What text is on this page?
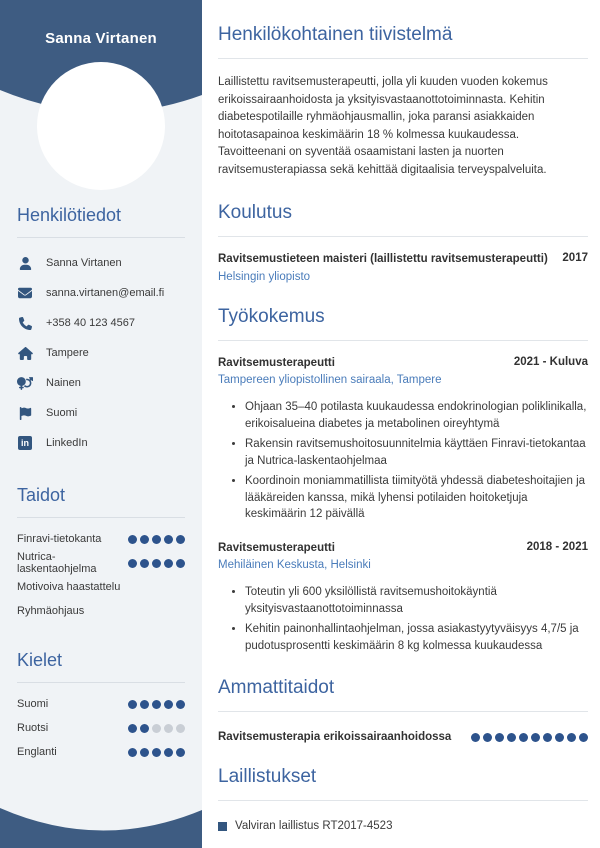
Sanna Virtanen
Henkilötiedot
Sanna Virtanen
sanna.virtanen@email.fi
+358 40 123 4567
Tampere
Nainen
Suomi
in LinkedIn
Taidot
Finravi-tietokanta
Nutrica-laskentaohjelma
Motivoiva haastattelu
Ryhmäohjaus
Kielet
Suomi
Ruotsi
Englanti
Henkilökohtainen tiivistelmä

Laillistettu ravitsemusterapeutti, jolla yli kuuden vuoden kokemus erikoissairaanhoidosta ja yksityisvastaanottotoiminnasta. Kehitin diabetespotilaille ryhmäohjausmallin, joka paransi asiakkaiden hoitotasapainoa keskimäärin 18 % kolmessa kuukaudessa. Tavoitteenani on syventää osaamistani lasten ja nuorten ravitsemusterapiassa sekä kehittää digitaalisia terveyspalveluita.

Koulutus
Ravitsemustieteen maisteri (laillistettu ravitsemusterapeutti) 2017
Helsingin yliopisto
Työkokemus
Ravitsemusterapeutti	2021 - Kuluva
Tampereen yliopistollinen sairaala, Tampere
• Ohjaan 35–40 potilasta kuukaudessa endokrinologian poliklinikalla, erikoisalueina diabetes ja metabolinen oireyhtymä
• Rakensin ravitsemushoitosuunnitelmia käyttäen Finravi-tietokantaa ja Nutrica-laskentaohjelmaa
• Koordinoin moniammatillista tiimityötä yhdessä diabeteshoitajien ja lääkäreiden kanssa, mikä lyhensi potilaiden hoitoketjuja keskimäärin 12 päivällä
Ravitsemusterapeutti	2018 - 2021
Mehiläinen Keskusta, Helsinki
• Toteutin yli 600 yksilöllistä ravitsemushoitokäyntiä yksityisvastaanottotoiminnassa
• Kehitin painonhallintaohjelman, jossa asiakastyytyväisyys 4,7/5 ja pudotusprosentti keskimäärin 8 kg kolmessa kuukaudessa
Ammattitaidot
Ravitsemusterapia erikoissairaanhoidossa
Laillistukset
Valviran laillistus RT2017-4523
